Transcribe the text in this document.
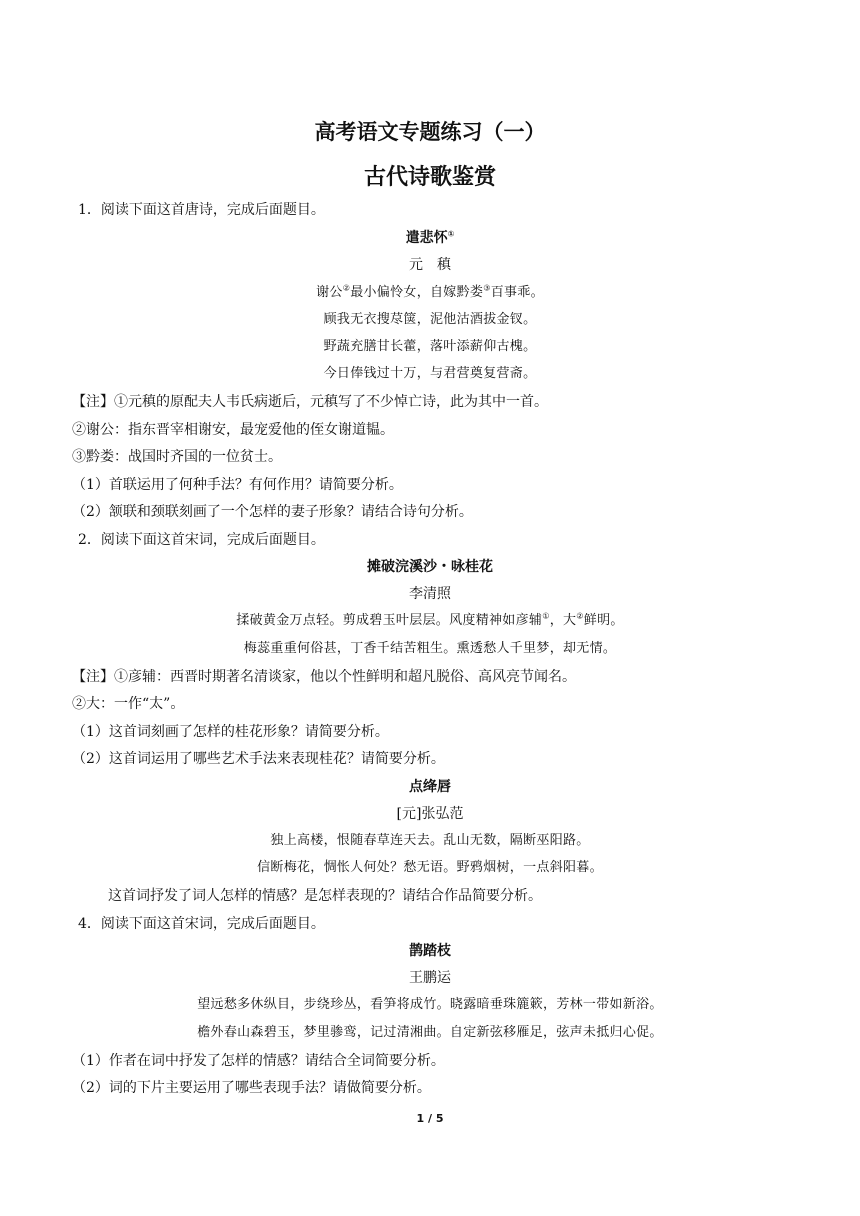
高考语文专题练习（一）
古代诗歌鉴赏
1．阅读下面这首唐诗，完成后面题目。
遣悲怀①
元　稹
谢公②最小偏怜女，自嫁黔娄③百事乖。
顾我无衣搜荩箧，泥他沽酒拔金钗。
野蔬充膳甘长藿，落叶添薪仰古槐。
今日俸钱过十万，与君营奠复营斋。
【注】①元稹的原配夫人韦氏病逝后，元稹写了不少悼亡诗，此为其中一首。
②谢公：指东晋宰相谢安，最宠爱他的侄女谢道韫。
③黔娄：战国时齐国的一位贫士。
（1）首联运用了何种手法？有何作用？请简要分析。
（2）颔联和颈联刻画了一个怎样的妻子形象？请结合诗句分析。
2．阅读下面这首宋词，完成后面题目。
摊破浣溪沙・咏桂花
李清照
揉破黄金万点轻。剪成碧玉叶层层。风度精神如彦辅①，大②鲜明。
梅蕊重重何俗甚，丁香千结苦粗生。熏透愁人千里梦，却无情。
【注】①彦辅：西晋时期著名清谈家，他以个性鲜明和超凡脱俗、高风亮节闻名。
②大：一作“太”。
（1）这首词刻画了怎样的桂花形象？请简要分析。
（2）这首词运用了哪些艺术手法来表现桂花？请简要分析。
点绛唇
[元]张弘范
独上高楼，恨随春草连天去。乱山无数，隔断巫阳路。
信断梅花，惆怅人何处？愁无语。野鸦烟树，一点斜阳暮。
这首词抒发了词人怎样的情感？是怎样表现的？请结合作品简要分析。
4．阅读下面这首宋词，完成后面题目。
鹊踏枝
王鹏运
望远愁多休纵目，步绕珍丛，看笋将成竹。晓露暗垂珠簏簌，芳林一带如新浴。
檐外春山森碧玉，梦里骖鸾，记过清湘曲。自定新弦移雁足，弦声未抵归心促。
（1）作者在词中抒发了怎样的情感？请结合全词简要分析。
（2）词的下片主要运用了哪些表现手法？请做简要分析。
1 / 5
